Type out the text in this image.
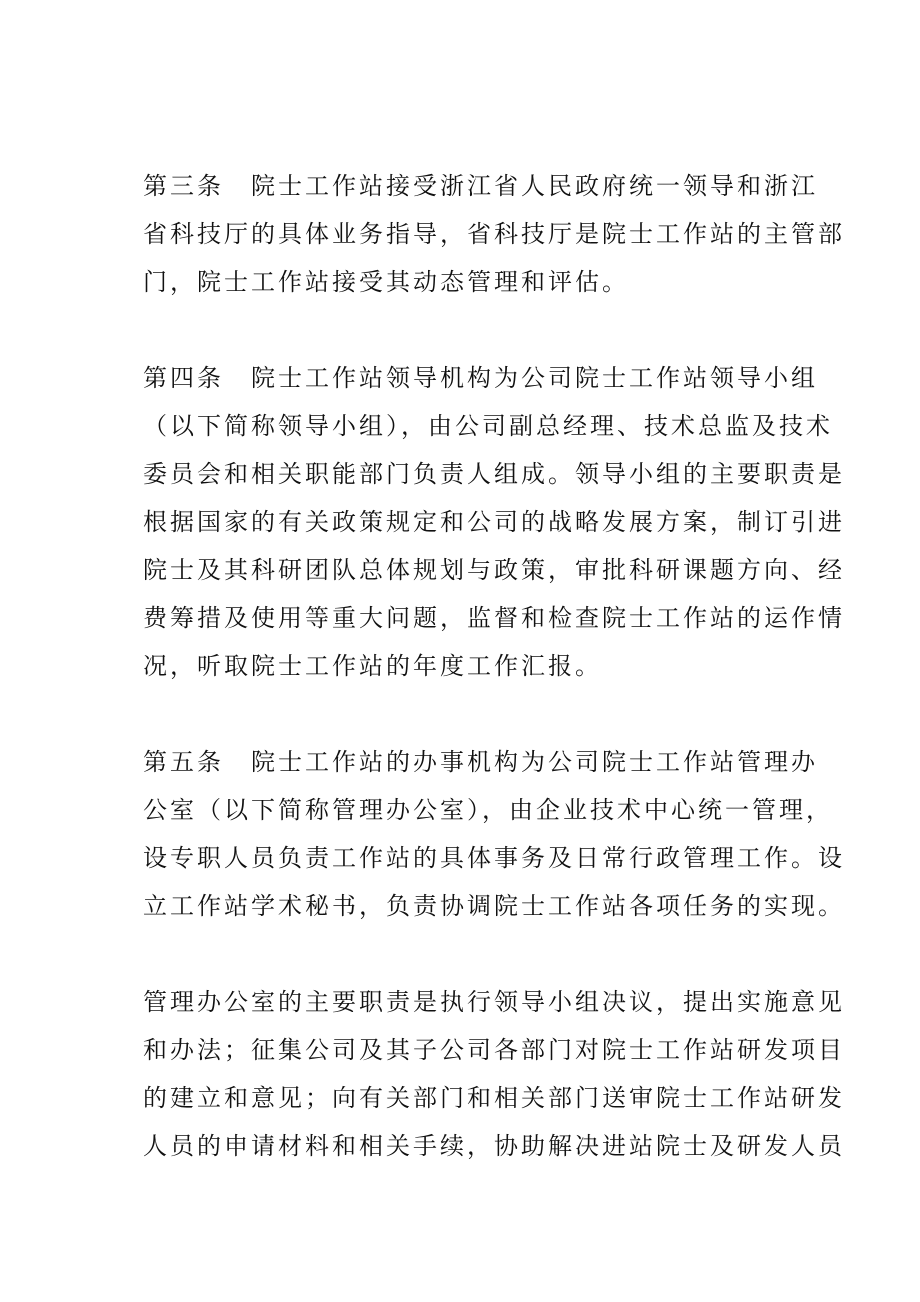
第三条　院士工作站接受浙江省人民政府统一领导和浙江
省科技厅的具体业务指导，省科技厅是院士工作站的主管部
门，院士工作站接受其动态管理和评估。
第四条　院士工作站领导机构为公司院士工作站领导小组
（以下简称领导小组），由公司副总经理、技术总监及技术
委员会和相关职能部门负责人组成。领导小组的主要职责是
根据国家的有关政策规定和公司的战略发展方案，制订引进
院士及其科研团队总体规划与政策，审批科研课题方向、经
费筹措及使用等重大问题，监督和检查院士工作站的运作情
况，听取院士工作站的年度工作汇报。
第五条　院士工作站的办事机构为公司院士工作站管理办
公室（以下简称管理办公室），由企业技术中心统一管理，
设专职人员负责工作站的具体事务及日常行政管理工作。设
立工作站学术秘书，负责协调院士工作站各项任务的实现。
管理办公室的主要职责是执行领导小组决议，提出实施意见
和办法；征集公司及其子公司各部门对院士工作站研发项目
的建立和意见；向有关部门和相关部门送审院士工作站研发
人员的申请材料和相关手续，协助解决进站院士及研发人员
